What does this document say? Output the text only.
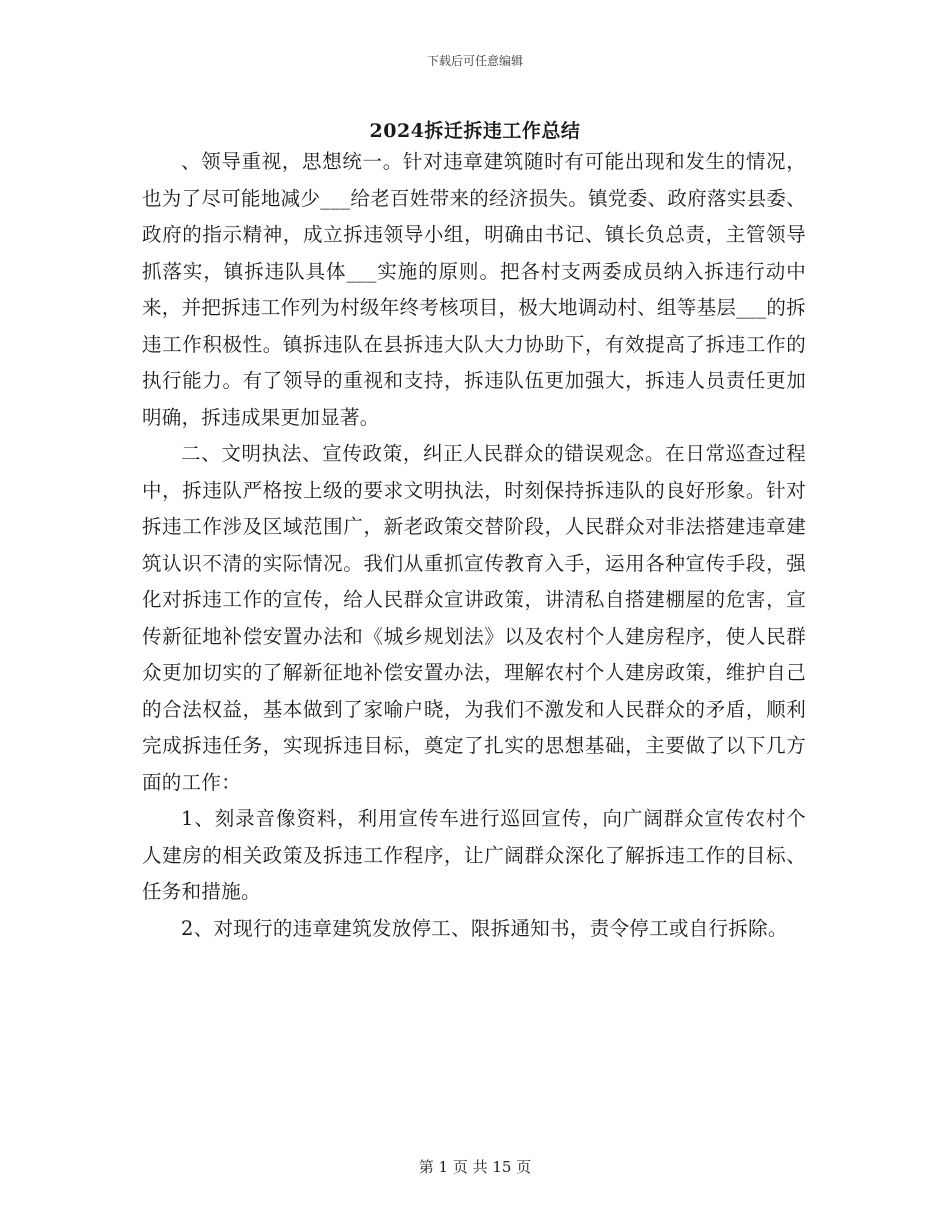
下载后可任意编辑
2024拆迁拆违工作总结

、领导重视，思想统一。针对违章建筑随时有可能出现和发生的情况，也为了尽可能地减少___给老百姓带来的经济损失。镇党委、政府落实县委、政府的指示精神，成立拆违领导小组，明确由书记、镇长负总责，主管领导抓落实，镇拆违队具体___实施的原则。把各村支两委成员纳入拆违行动中来，并把拆违工作列为村级年终考核项目，极大地调动村、组等基层___的拆违工作积极性。镇拆违队在县拆违大队大力协助下，有效提高了拆违工作的执行能力。有了领导的重视和支持，拆违队伍更加强大，拆违人员责任更加明确，拆违成果更加显著。

二、文明执法、宣传政策，纠正人民群众的错误观念。在日常巡查过程中，拆违队严格按上级的要求文明执法，时刻保持拆违队的良好形象。针对拆违工作涉及区域范围广，新老政策交替阶段，人民群众对非法搭建违章建筑认识不清的实际情况。我们从重抓宣传教育入手，运用各种宣传手段，强化对拆违工作的宣传，给人民群众宣讲政策，讲清私自搭建棚屋的危害，宣传新征地补偿安置办法和《城乡规划法》以及农村个人建房程序，使人民群众更加切实的了解新征地补偿安置办法，理解农村个人建房政策，维护自己的合法权益，基本做到了家喻户晓，为我们不激发和人民群众的矛盾，顺利完成拆违任务，实现拆违目标，奠定了扎实的思想基础，主要做了以下几方面的工作：

1、刻录音像资料，利用宣传车进行巡回宣传，向广阔群众宣传农村个人建房的相关政策及拆违工作程序，让广阔群众深化了解拆违工作的目标、任务和措施。

2、对现行的违章建筑发放停工、限拆通知书，责令停工或自行拆除。

第 1 页 共 15 页
